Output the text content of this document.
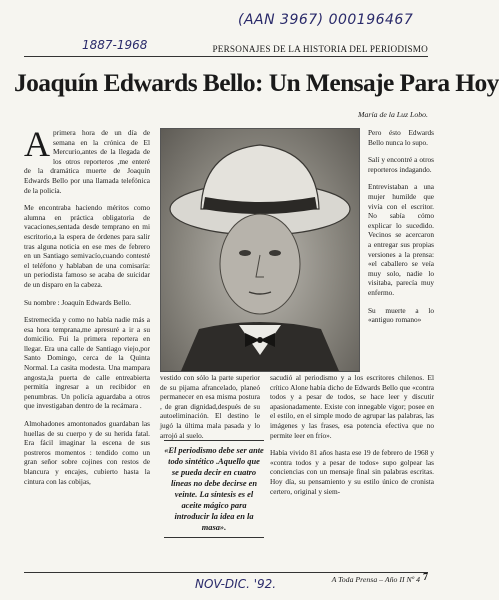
(AAN 3967) 000196467
1887-1968	PERSONAJES DE LA HISTORIA DEL PERIODISMO
Joaquín Edwards Bello: Un Mensaje Para Hoy
María de la Luz Lobo.

Aprimera hora de un día de semana en la crónica de El Mercurio,antes de la llegada de los otros reporteros ,me enteré de la dramática muerte de Joaquín Edwards Bello por una llamada telefónica de la policía.

Me encontraba haciendo méritos como alumna en práctica obligatoria de vacaciones,sentada desde temprano en mi escritorio,a la espera de órdenes para salir tras alguna noticia en ese mes de febrero en un Santiago semivacío,cuando contesté el teléfono y hablaban de una comisaría: un periodista famoso se acaba de suicidar de un disparo en la cabeza.

Su nombre : Joaquín Edwards Bello.

Estremecida y como no había nadie más a esa hora temprana,me apresuré a ir a su domicilio. Fui la primera reportera en llegar. Era una calle de Santiago viejo,por Santo Domingo, cerca de la Quinta Normal. La casita modesta. Una mampara angosta,la puerta de calle entreabierta permitía ingresar a un recibidor en penumbras. Un policía aguardaba a otros que investigaban dentro de la recámara .

Almohadones amontonados guardaban las huellas de su cuerpo y de su herida fatal. Era fácil imaginar la escena de sus postreros momentos : tendido como un gran señor sobre cojines con restos de blancura y encajes, cubierto hasta la cintura con las cobijas,

Pero ésto Edwards Bello nunca lo supo.

Salí y encontré a otros reporteros indagando.

Entrevistaban a una mujer humilde que vivía con el escritor. No sabía cómo explicar lo sucedido. Vecinos se acercaron a entregar sus propias versiones a la prensa: «el caballero se veía muy solo, nadie lo visitaba, parecía muy enfermo.

Su muerte a lo «antiguo romano»

vestido con sólo la parte superior de su pijama afrancelado, planeó permanecer en esa misma postura , de gran dignidad,después de su autoeliminación. El destino le jugó la última mala pasada y lo arrojó al suelo.

sacudió al periodismo y a los escritores chilenos. El crítico Alone había dicho de Edwards Bello que «contra todos y a pesar de todos, se hace leer y discutir apasionadamente. Existe con innegable vigor; posee en el estilo, en el simple modo de agrupar las palabras, las imágenes y las frases, esa potencia efectiva que no permite leer en frío».

Había vivido 81 años hasta ese 19 de febrero de 1968 y «contra todos y a pesar de todos» supo golpear las conciencias con un mensaje final sin palabras escritas. Hoy día, su pensamiento y su estilo único de cronista certero, original y siem-

«El periodismo debe ser ante todo sintético .Aquello que se pueda decir en cuatro líneas no debe decirse en veinte. La síntesis es el aceite mágico para introducir la idea en la masa».
A Toda Prensa – Año II Nº 4
NOV-DIC. '92.	7
